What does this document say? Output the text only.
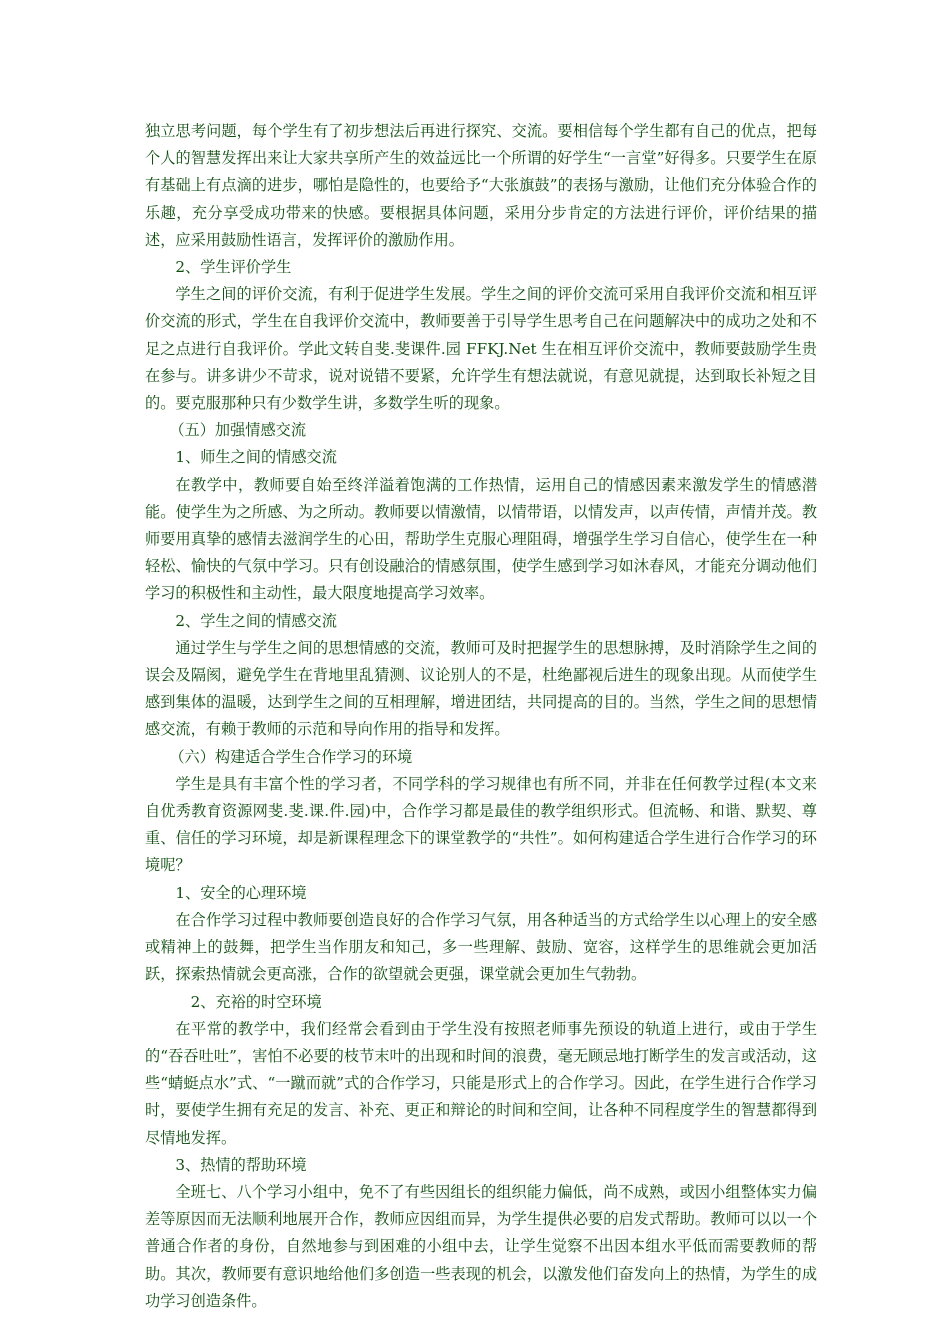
独立思考问题，每个学生有了初步想法后再进行探究、交流。要相信每个学生都有自己的优点，把每个人的智慧发挥出来让大家共享所产生的效益远比一个所谓的好学生“一言堂”好得多。只要学生在原有基础上有点滴的进步，哪怕是隐性的，也要给予“大张旗鼓”的表扬与激励，让他们充分体验合作的乐趣，充分享受成功带来的快感。要根据具体问题，采用分步肯定的方法进行评价，评价结果的描述，应采用鼓励性语言，发挥评价的激励作用。

2、学生评价学生

学生之间的评价交流，有利于促进学生发展。学生之间的评价交流可采用自我评价交流和相互评价交流的形式，学生在自我评价交流中，教师要善于引导学生思考自己在问题解决中的成功之处和不足之点进行自我评价。学此文转自斐.斐课件.园 FFKJ.Net 生在相互评价交流中，教师要鼓励学生贵在参与。讲多讲少不苛求，说对说错不要紧，允许学生有想法就说，有意见就提，达到取长补短之目的。要克服那种只有少数学生讲，多数学生听的现象。

（五）加强情感交流

1、师生之间的情感交流

在教学中，教师要自始至终洋溢着饱满的工作热情，运用自己的情感因素来激发学生的情感潜能。使学生为之所感、为之所动。教师要以情激情，以情带语，以情发声，以声传情，声情并茂。教师要用真挚的感情去滋润学生的心田，帮助学生克服心理阻碍，增强学生学习自信心，使学生在一种轻松、愉快的气氛中学习。只有创设融洽的情感氛围，使学生感到学习如沐春风，才能充分调动他们学习的积极性和主动性，最大限度地提高学习效率。

2、学生之间的情感交流

通过学生与学生之间的思想情感的交流，教师可及时把握学生的思想脉搏，及时消除学生之间的误会及隔阂，避免学生在背地里乱猜测、议论别人的不是，杜绝鄙视后进生的现象出现。从而使学生感到集体的温暖，达到学生之间的互相理解，增进团结，共同提高的目的。当然，学生之间的思想情感交流，有赖于教师的示范和导向作用的指导和发挥。

（六）构建适合学生合作学习的环境

学生是具有丰富个性的学习者，不同学科的学习规律也有所不同，并非在任何教学过程(本文来自优秀教育资源网斐.斐.课.件.园)中，合作学习都是最佳的教学组织形式。但流畅、和谐、默契、尊重、信任的学习环境，却是新课程理念下的课堂教学的“共性”。如何构建适合学生进行合作学习的环境呢？

1、安全的心理环境

在合作学习过程中教师要创造良好的合作学习气氛，用各种适当的方式给学生以心理上的安全感或精神上的鼓舞，把学生当作朋友和知己，多一些理解、鼓励、宽容，这样学生的思维就会更加活跃，探索热情就会更高涨，合作的欲望就会更强，课堂就会更加生气勃勃。

2、充裕的时空环境

在平常的教学中，我们经常会看到由于学生没有按照老师事先预设的轨道上进行，或由于学生的“吞吞吐吐”，害怕不必要的枝节末叶的出现和时间的浪费，毫无顾忌地打断学生的发言或活动，这些“蜻蜓点水”式、“一蹴而就”式的合作学习，只能是形式上的合作学习。因此，在学生进行合作学习时，要使学生拥有充足的发言、补充、更正和辩论的时间和空间，让各种不同程度学生的智慧都得到尽情地发挥。

3、热情的帮助环境

全班七、八个学习小组中，免不了有些因组长的组织能力偏低，尚不成熟，或因小组整体实力偏差等原因而无法顺利地展开合作，教师应因组而异，为学生提供必要的启发式帮助。教师可以以一个普通合作者的身份，自然地参与到困难的小组中去，让学生觉察不出因本组水平低而需要教师的帮助。其次，教师要有意识地给他们多创造一些表现的机会，以激发他们奋发向上的热情，为学生的成功学习创造条件。
